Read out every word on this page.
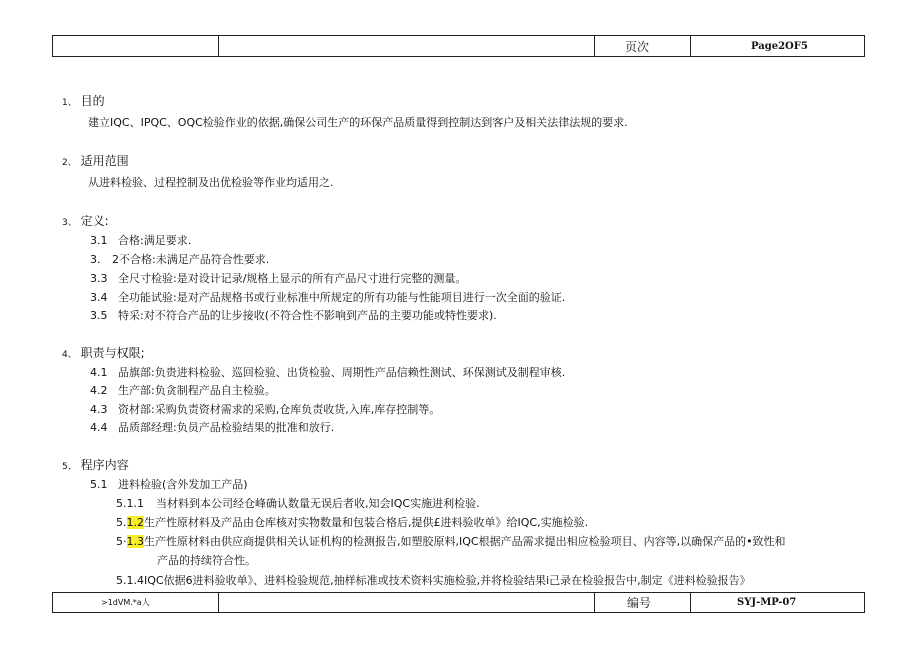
		页次	Page2OF5
1、 目的
建立IQC、IPQC、OQC检验作业的依据,确保公司生产的环保产品质量得到控制达到客户及相关法律法规的要求.
2、 适用范围
从进料检验、过程控制及出优检验等作业均适用之.
3、 定义:
3.1 合格:满足要求.
3. 2不合格:未满足产品符合性要求.
3.3 全尺寸检验:是对设计记录/规格上显示的所有产品尺寸进行完整的测量。
3.4 全功能试验:是对产品规格书或行业标准中所规定的所有功能与性能项目进行一次全面的验证.
3.5 特采:对不符合产品的让步接收(不符合性不影响到产品的主要功能或特性要求).
4、 职责与权限;
4.1 品旗部:负贵进料检验、巡回检验、出货检验、周期性产品信赖性测试、环保测试及制程审核.
4.2 生产部:负贪制程产品自主检验。
4.3 资材部:采购负责资材需求的采购,仓库负责收货,入库,库存控制等。
4.4 品质部经理:负员产品检验结果的批准和放行.
5、 程序内容
5.1 进料检验(含外发加工产品)
5.1.1 当材料到本公司经仓峰确认数量无误后者收,知会IQC实施进利检验.
5.1.2生产性原材料及产品由仓库核对实物数量和包装合格后,提供£进料验收单》给IQC,实施检验.
5·1.3生产性原材料由供应商提供相关认证机构的检测报告,如塑胶原料,IQC根据产品需求提出相应检验项目、内容等,以确保产品的•致性和
产品的持续符合性。
5.1.4IQC依据6进料验收单》、进料检验规范,抽样标准或技术资料实施检验,并将检验结果i己录在检验报告中,制定《进料检验报告》
>1dVM.*a人		编号	SYJ-MP-07
